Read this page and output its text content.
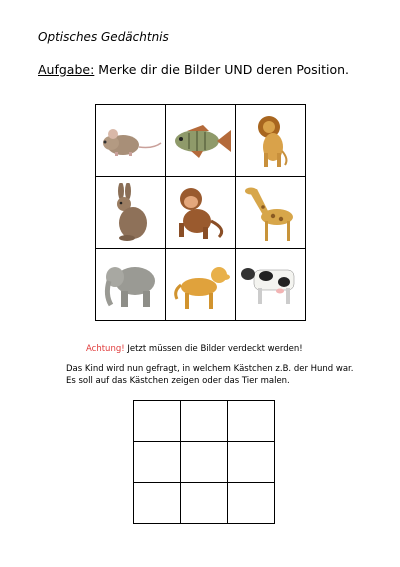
Optisches Gedächtnis
Aufgabe: Merke dir die Bilder UND deren Position.

Achtung! Jetzt müssen die Bilder verdeckt werden!
Das Kind wird nun gefragt, in welchem Kästchen z.B. der Hund war.
Es soll auf das Kästchen zeigen oder das Tier malen.
